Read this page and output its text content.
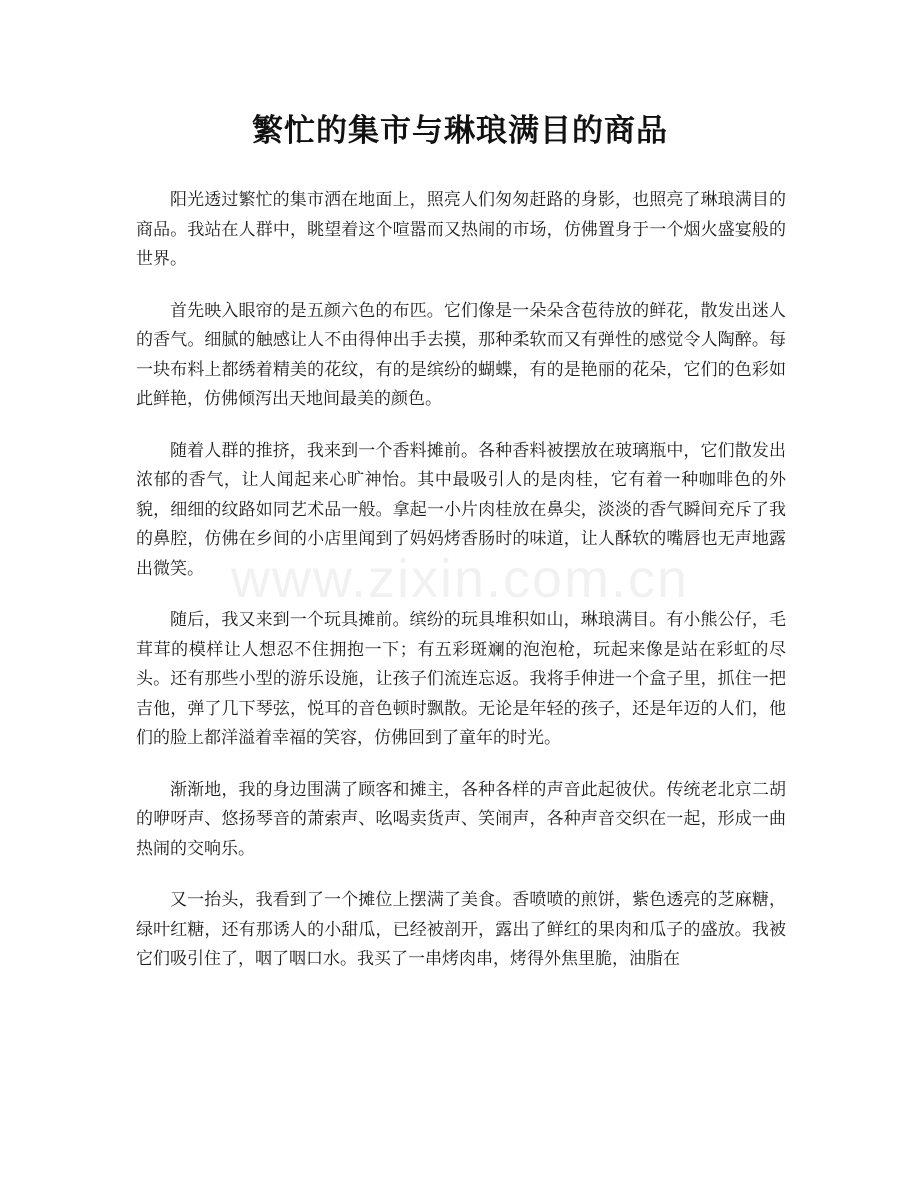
繁忙的集市与琳琅满目的商品

阳光透过繁忙的集市洒在地面上，照亮人们匆匆赶路的身影，也照亮了琳琅满目的商品。我站在人群中，眺望着这个喧嚣而又热闹的市场，仿佛置身于一个烟火盛宴般的世界。

首先映入眼帘的是五颜六色的布匹。它们像是一朵朵含苞待放的鲜花，散发出迷人的香气。细腻的触感让人不由得伸出手去摸，那种柔软而又有弹性的感觉令人陶醉。每一块布料上都绣着精美的花纹，有的是缤纷的蝴蝶，有的是艳丽的花朵，它们的色彩如此鲜艳，仿佛倾泻出天地间最美的颜色。

随着人群的推挤，我来到一个香料摊前。各种香料被摆放在玻璃瓶中，它们散发出浓郁的香气，让人闻起来心旷神怡。其中最吸引人的是肉桂，它有着一种咖啡色的外貌，细细的纹路如同艺术品一般。拿起一小片肉桂放在鼻尖，淡淡的香气瞬间充斥了我的鼻腔，仿佛在乡间的小店里闻到了妈妈烤香肠时的味道，让人酥软的嘴唇也无声地露出微笑。

随后，我又来到一个玩具摊前。缤纷的玩具堆积如山，琳琅满目。有小熊公仔，毛茸茸的模样让人想忍不住拥抱一下；有五彩斑斓的泡泡枪，玩起来像是站在彩虹的尽头。还有那些小型的游乐设施，让孩子们流连忘返。我将手伸进一个盒子里，抓住一把吉他，弹了几下琴弦，悦耳的音色顿时飘散。无论是年轻的孩子，还是年迈的人们，他们的脸上都洋溢着幸福的笑容，仿佛回到了童年的时光。

渐渐地，我的身边围满了顾客和摊主，各种各样的声音此起彼伏。传统老北京二胡的咿呀声、悠扬琴音的萧索声、吆喝卖货声、笑闹声，各种声音交织在一起，形成一曲热闹的交响乐。

又一抬头，我看到了一个摊位上摆满了美食。香喷喷的煎饼，紫色透亮的芝麻糖，绿叶红糖，还有那诱人的小甜瓜，已经被剖开，露出了鲜红的果肉和瓜子的盛放。我被它们吸引住了，咽了咽口水。我买了一串烤肉串，烤得外焦里脆，油脂在

www.zixin.com.cn
